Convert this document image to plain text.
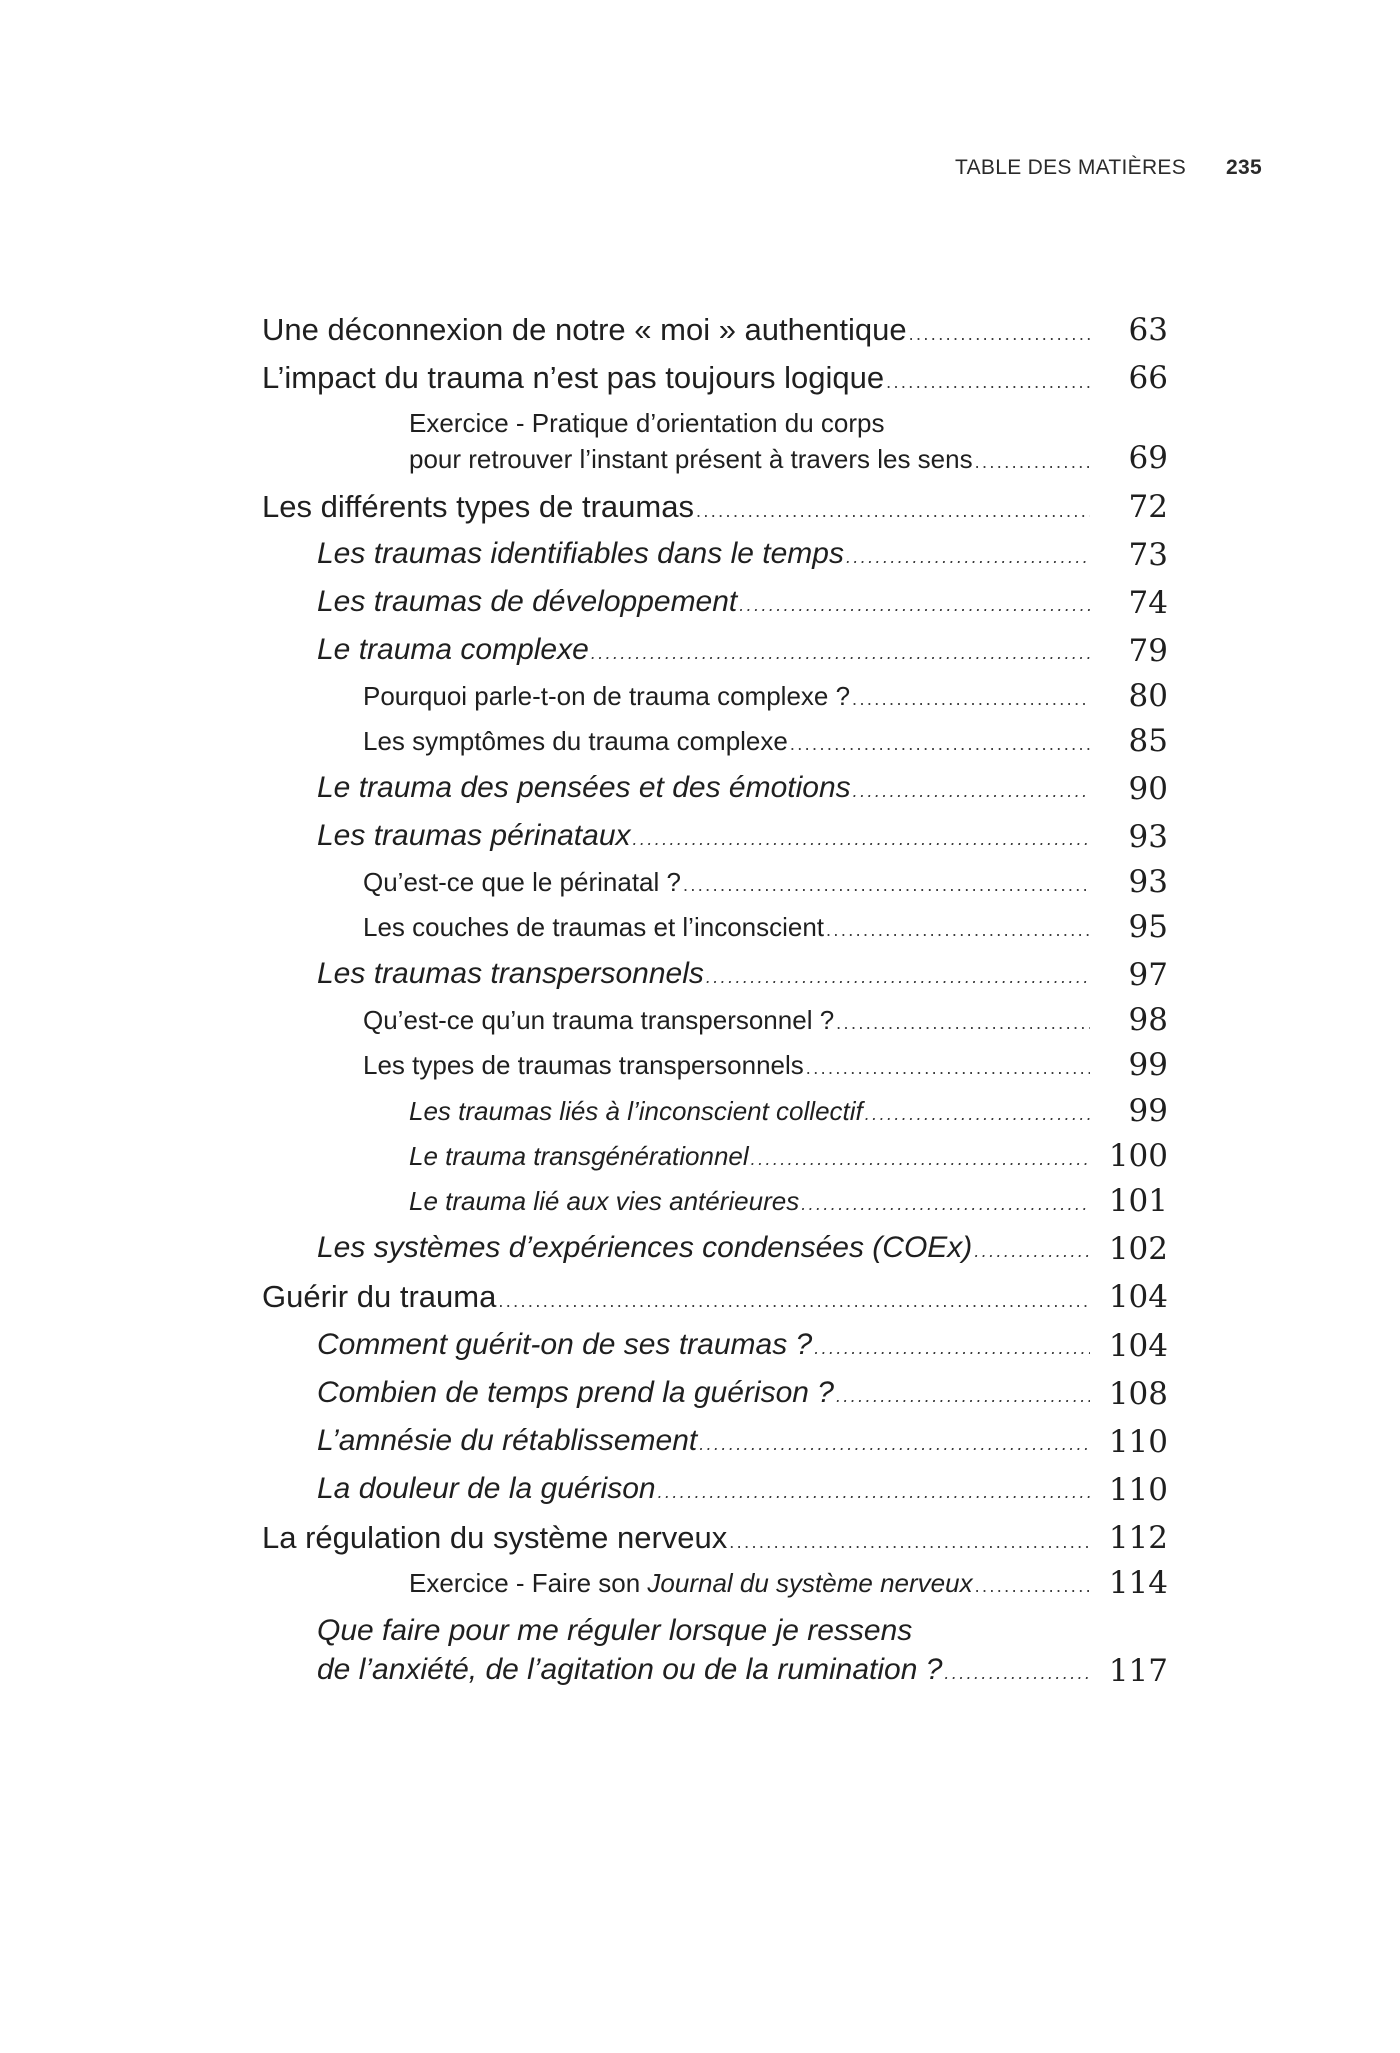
TABLE DES MATIÈRES 235
Une déconnexion de notre « moi » authentique .....	63
L’impact du trauma n’est pas toujours logique .....	66
Exercice - Pratique d’orientation du corps
pour retrouver l’instant présent à travers les sens .....	69
Les différents types de traumas .....	72
Les traumas identifiables dans le temps .....	73
Les traumas de développement .....	74
Le trauma complexe .....	79
Pourquoi parle-t-on de trauma complexe ? .....	80
Les symptômes du trauma complexe .....	85
Le trauma des pensées et des émotions .....	90
Les traumas périnataux .....	93
Qu’est-ce que le périnatal ? .....	93
Les couches de traumas et l’inconscient .....	95
Les traumas transpersonnels .....	97
Qu’est-ce qu’un trauma transpersonnel ? .....	98
Les types de traumas transpersonnels .....	99
Les traumas liés à l’inconscient collectif .....	99
Le trauma transgénérationnel .....	100
Le trauma lié aux vies antérieures .....	101
Les systèmes d’expériences condensées (COEx) .....	102
Guérir du trauma .....	104
Comment guérit-on de ses traumas ? .....	104
Combien de temps prend la guérison ? .....	108
L’amnésie du rétablissement .....	110
La douleur de la guérison .....	110
La régulation du système nerveux .....	112
Exercice - Faire son Journal du système nerveux .....	114
Que faire pour me réguler lorsque je ressens
de l’anxiété, de l’agitation ou de la rumination ? .....	117
